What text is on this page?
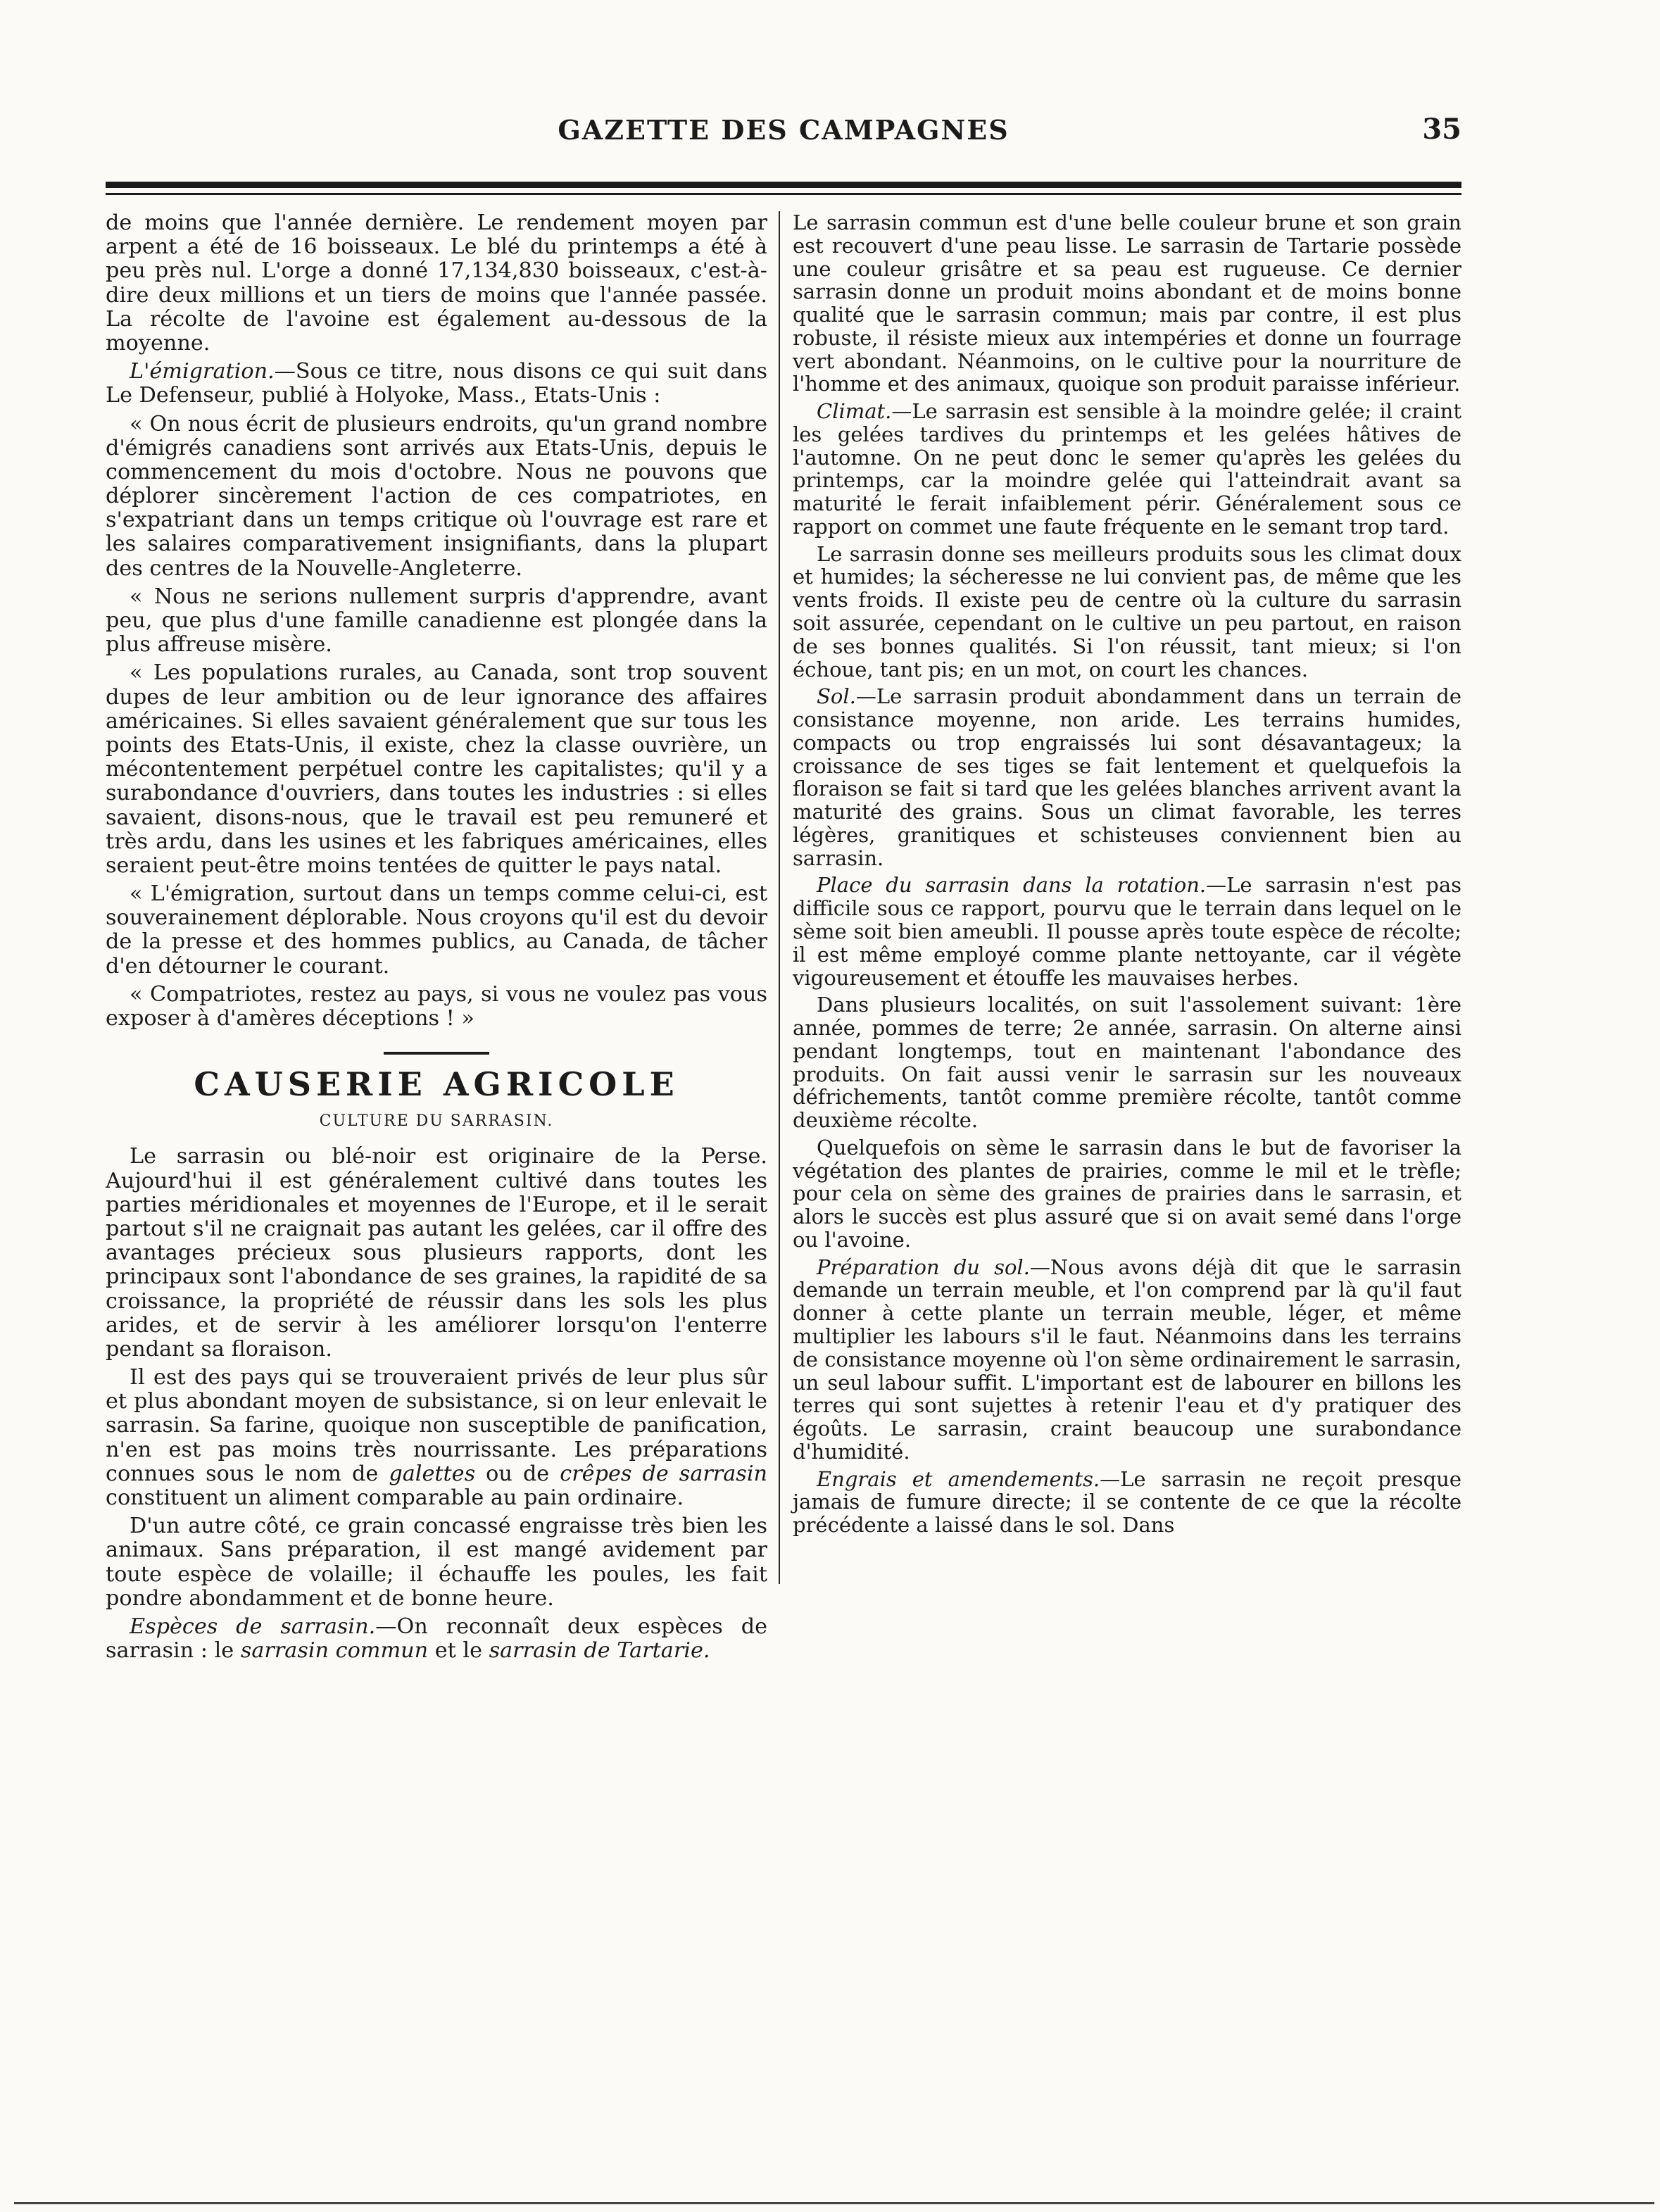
GAZETTE DES CAMPAGNES	35

de moins que l'année dernière. Le rendement moyen par arpent a été de 16 boisseaux. Le blé du printemps a été à peu près nul. L'orge a donné 17,134,830 boisseaux, c'est-à-dire deux millions et un tiers de moins que l'année passée. La récolte de l'avoine est également au-dessous de la moyenne.

L'émigration.—Sous ce titre, nous disons ce qui suit dans Le Defenseur, publié à Holyoke, Mass., Etats-Unis :

« On nous écrit de plusieurs endroits, qu'un grand nombre d'émigrés canadiens sont arrivés aux Etats-Unis, depuis le commencement du mois d'octobre. Nous ne pouvons que déplorer sincèrement l'action de ces compatriotes, en s'expatriant dans un temps critique où l'ouvrage est rare et les salaires comparativement insignifiants, dans la plupart des centres de la Nouvelle-Angleterre.

« Nous ne serions nullement surpris d'apprendre, avant peu, que plus d'une famille canadienne est plongée dans la plus affreuse misère.

« Les populations rurales, au Canada, sont trop souvent dupes de leur ambition ou de leur ignorance des affaires américaines. Si elles savaient généralement que sur tous les points des Etats-Unis, il existe, chez la classe ouvrière, un mécontentement perpétuel contre les capitalistes; qu'il y a surabondance d'ouvriers, dans toutes les industries : si elles savaient, disons-nous, que le travail est peu remuneré et très ardu, dans les usines et les fabriques américaines, elles seraient peut-être moins tentées de quitter le pays natal.

« L'émigration, surtout dans un temps comme celui-ci, est souverainement déplorable. Nous croyons qu'il est du devoir de la presse et des hommes publics, au Canada, de tâcher d'en détourner le courant.

« Compatriotes, restez au pays, si vous ne voulez pas vous exposer à d'amères déceptions ! »

CAUSERIE AGRICOLE
CULTURE DU SARRASIN.

Le sarrasin ou blé-noir est originaire de la Perse. Aujourd'hui il est généralement cultivé dans toutes les parties méridionales et moyennes de l'Europe, et il le serait partout s'il ne craignait pas autant les gelées, car il offre des avantages précieux sous plusieurs rapports, dont les principaux sont l'abondance de ses graines, la rapidité de sa croissance, la propriété de réussir dans les sols les plus arides, et de servir à les améliorer lorsqu'on l'enterre pendant sa floraison.

Il est des pays qui se trouveraient privés de leur plus sûr et plus abondant moyen de subsistance, si on leur enlevait le sarrasin. Sa farine, quoique non susceptible de panification, n'en est pas moins très nourrissante. Les préparations connues sous le nom de galettes ou de crêpes de sarrasin constituent un aliment comparable au pain ordinaire.

D'un autre côté, ce grain concassé engraisse très bien les animaux. Sans préparation, il est mangé avidement par toute espèce de volaille; il échauffe les poules, les fait pondre abondamment et de bonne heure.

Espèces de sarrasin.—On reconnaît deux espèces de sarrasin : le sarrasin commun et le sarrasin de Tartarie.

Le sarrasin commun est d'une belle couleur brune et son grain est recouvert d'une peau lisse. Le sarrasin de Tartarie possède une couleur grisâtre et sa peau est rugueuse. Ce dernier sarrasin donne un produit moins abondant et de moins bonne qualité que le sarrasin commun; mais par contre, il est plus robuste, il résiste mieux aux intempéries et donne un fourrage vert abondant. Néanmoins, on le cultive pour la nourriture de l'homme et des animaux, quoique son produit paraisse inférieur.

Climat.—Le sarrasin est sensible à la moindre gelée; il craint les gelées tardives du printemps et les gelées hâtives de l'automne. On ne peut donc le semer qu'après les gelées du printemps, car la moindre gelée qui l'atteindrait avant sa maturité le ferait infaiblement périr. Généralement sous ce rapport on commet une faute fréquente en le semant trop tard.

Le sarrasin donne ses meilleurs produits sous les climat doux et humides; la sécheresse ne lui convient pas, de même que les vents froids. Il existe peu de centre où la culture du sarrasin soit assurée, cependant on le cultive un peu partout, en raison de ses bonnes qualités. Si l'on réussit, tant mieux; si l'on échoue, tant pis; en un mot, on court les chances.

Sol.—Le sarrasin produit abondamment dans un terrain de consistance moyenne, non aride. Les terrains humides, compacts ou trop engraissés lui sont désavantageux; la croissance de ses tiges se fait lentement et quelquefois la floraison se fait si tard que les gelées blanches arrivent avant la maturité des grains. Sous un climat favorable, les terres légères, granitiques et schisteuses conviennent bien au sarrasin.

Place du sarrasin dans la rotation.—Le sarrasin n'est pas difficile sous ce rapport, pourvu que le terrain dans lequel on le sème soit bien ameubli. Il pousse après toute espèce de récolte; il est même employé comme plante nettoyante, car il végète vigoureusement et étouffe les mauvaises herbes.

Dans plusieurs localités, on suit l'assolement suivant: 1ère année, pommes de terre; 2e année, sarrasin. On alterne ainsi pendant longtemps, tout en maintenant l'abondance des produits. On fait aussi venir le sarrasin sur les nouveaux défrichements, tantôt comme première récolte, tantôt comme deuxième récolte.

Quelquefois on sème le sarrasin dans le but de favoriser la végétation des plantes de prairies, comme le mil et le trèfle; pour cela on sème des graines de prairies dans le sarrasin, et alors le succès est plus assuré que si on avait semé dans l'orge ou l'avoine.

Préparation du sol.—Nous avons déjà dit que le sarrasin demande un terrain meuble, et l'on comprend par là qu'il faut donner à cette plante un terrain meuble, léger, et même multiplier les labours s'il le faut. Néanmoins dans les terrains de consistance moyenne où l'on sème ordinairement le sarrasin, un seul labour suffit. L'important est de labourer en billons les terres qui sont sujettes à retenir l'eau et d'y pratiquer des égoûts. Le sarrasin, craint beaucoup une surabondance d'humidité.

Engrais et amendements.—Le sarrasin ne reçoit presque jamais de fumure directe; il se contente de ce que la récolte précédente a laissé dans le sol. Dans
